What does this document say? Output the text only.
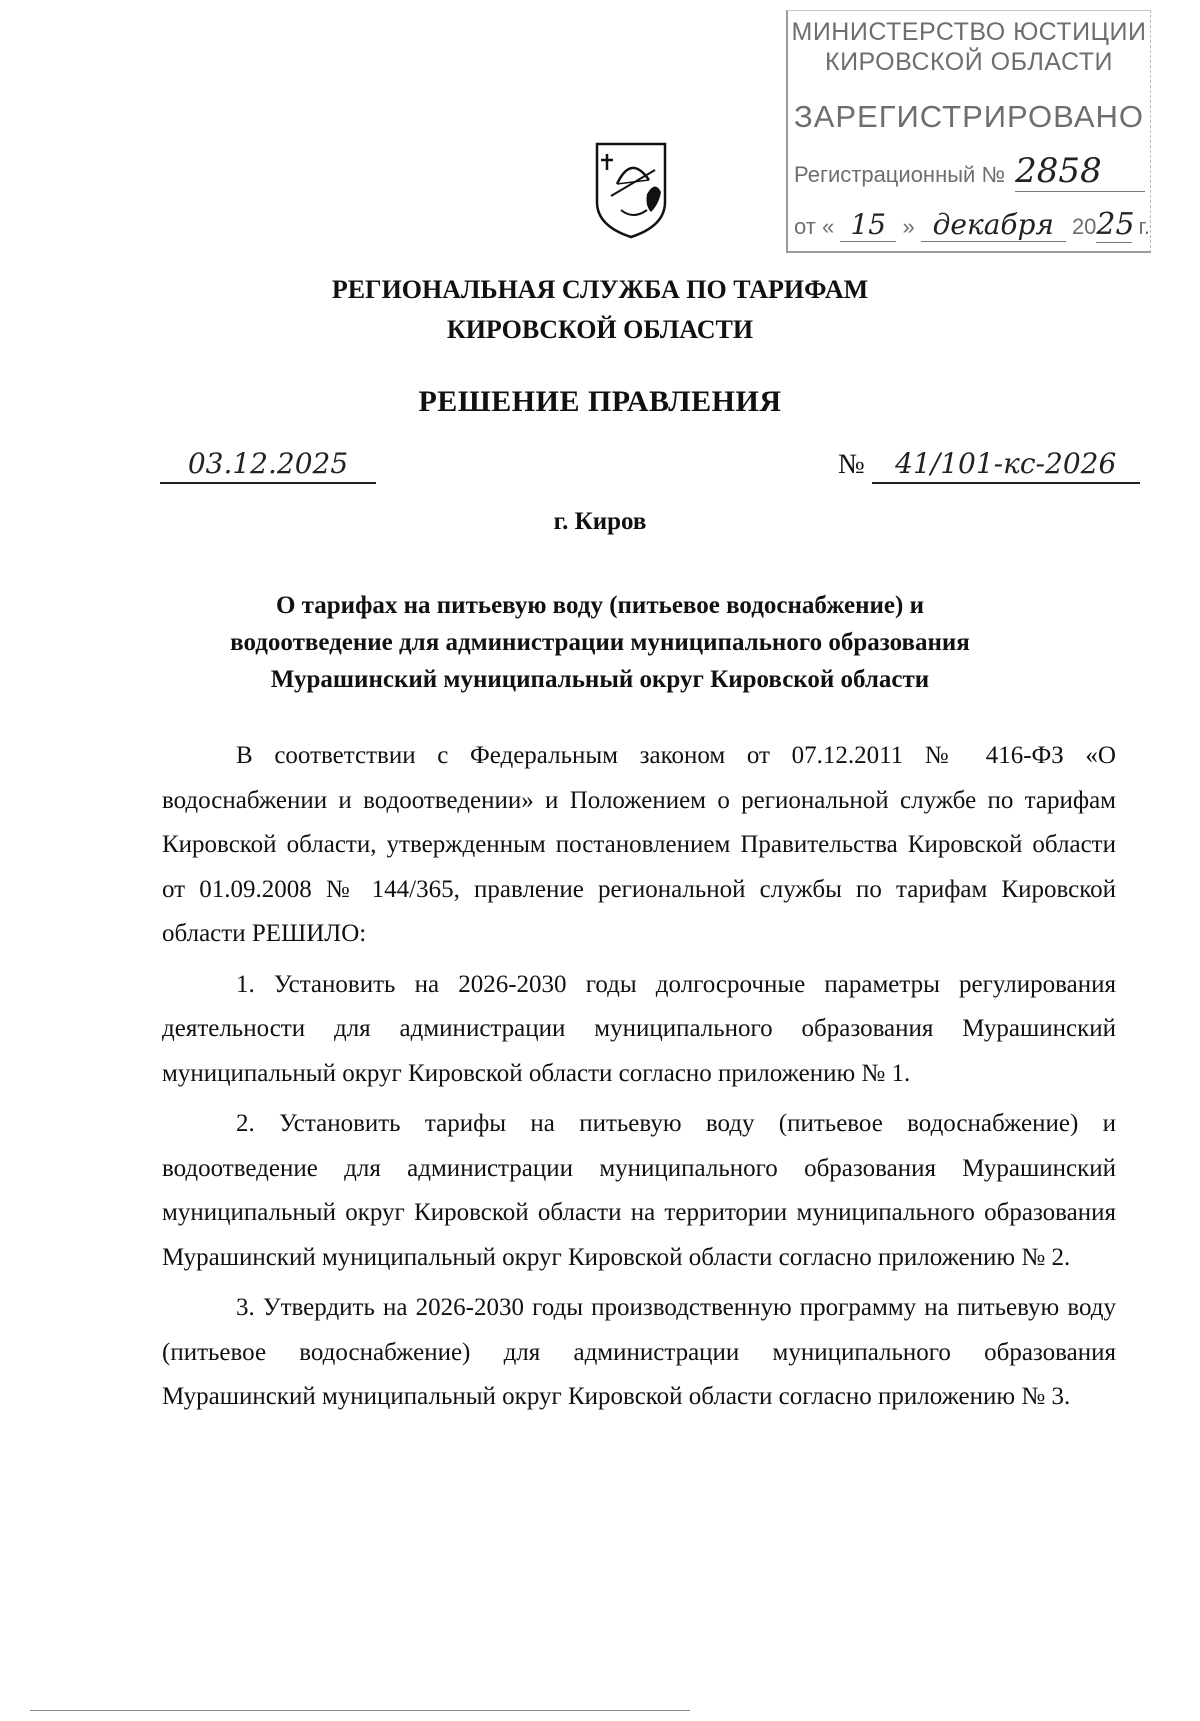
МИНИСТЕРСТВО ЮСТИЦИИ
КИРОВСКОЙ ОБЛАСТИ
ЗАРЕГИСТРИРОВАНО
Регистрационный № 2858
от « 15 » декабря 2025 г.
РЕГИОНАЛЬНАЯ СЛУЖБА ПО ТАРИФАМ
КИРОВСКОЙ ОБЛАСТИ
РЕШЕНИЕ ПРАВЛЕНИЯ
03.12.2025	№ 41/101-кс-2026
г. Киров
О тарифах на питьевую воду (питьевое водоснабжение) и
водоотведение для администрации муниципального образования
Мурашинский муниципальный округ Кировской области

В соответствии с Федеральным законом от 07.12.2011 № 416-ФЗ «О водоснабжении и водоотведении» и Положением о региональной службе по тарифам Кировской области, утвержденным постановлением Правительства Кировской области от 01.09.2008 № 144/365, правление региональной службы по тарифам Кировской области РЕШИЛО:

1. Установить на 2026-2030 годы долгосрочные параметры регулирования деятельности для администрации муниципального образования Мурашинский муниципальный округ Кировской области согласно приложению № 1.

2. Установить тарифы на питьевую воду (питьевое водоснабжение) и водоотведение для администрации муниципального образования Мурашинский муниципальный округ Кировской области на территории муниципального образования Мурашинский муниципальный округ Кировской области согласно приложению № 2.

3. Утвердить на 2026-2030 годы производственную программу на питьевую воду (питьевое водоснабжение) для администрации муниципального образования Мурашинский муниципальный округ Кировской области согласно приложению № 3.
